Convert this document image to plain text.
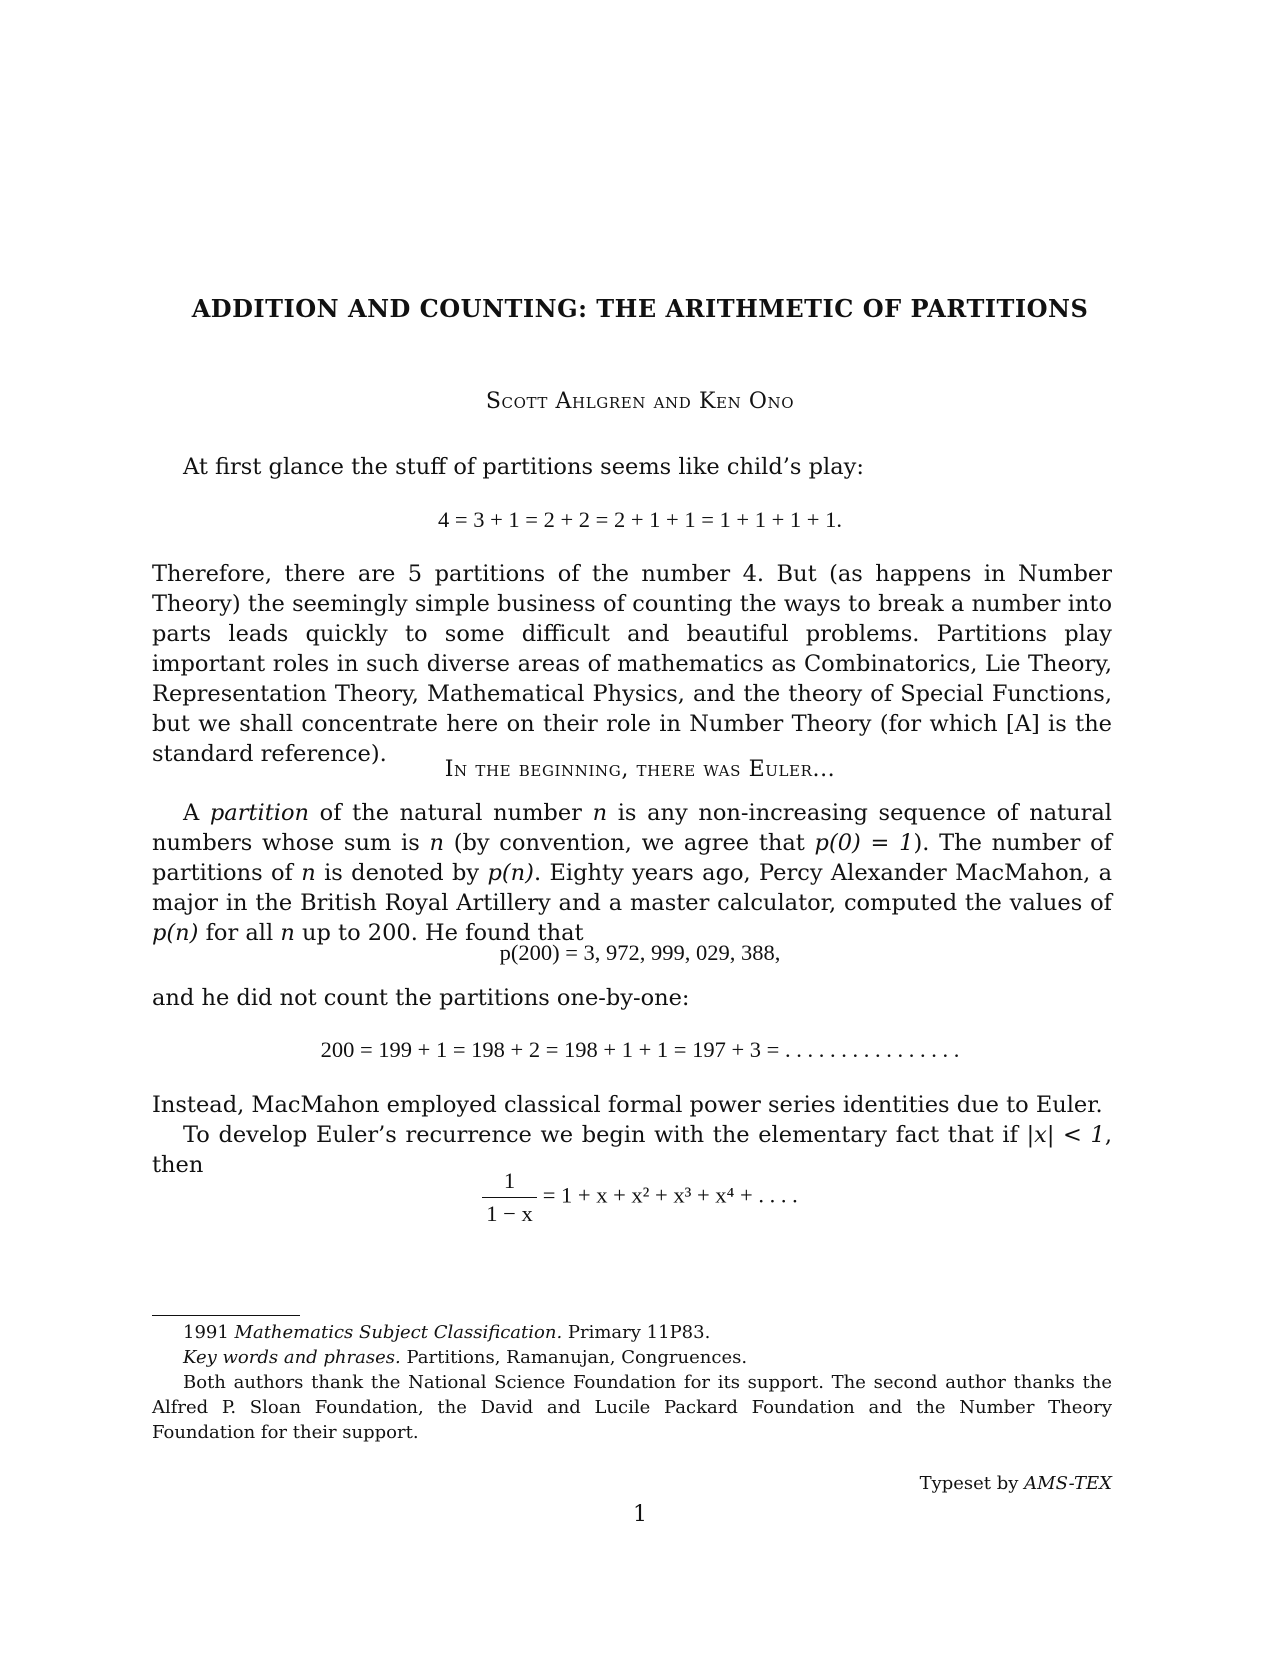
ADDITION AND COUNTING: THE ARITHMETIC OF PARTITIONS
Scott Ahlgren and Ken Ono

At first glance the stuff of partitions seems like child’s play:

4 = 3 + 1 = 2 + 2 = 2 + 1 + 1 = 1 + 1 + 1 + 1.

Therefore, there are 5 partitions of the number 4. But (as happens in Number Theory) the seemingly simple business of counting the ways to break a number into parts leads quickly to some difficult and beautiful problems. Partitions play important roles in such diverse areas of mathematics as Combinatorics, Lie Theory, Representation Theory, Mathematical Physics, and the theory of Special Functions, but we shall concentrate here on their role in Number Theory (for which [A] is the standard reference).

In the beginning, there was Euler...

A partition of the natural number n is any non-increasing sequence of natural numbers whose sum is n (by convention, we agree that p(0) = 1). The number of partitions of n is denoted by p(n). Eighty years ago, Percy Alexander MacMahon, a major in the British Royal Artillery and a master calculator, computed the values of p(n) for all n up to 200. He found that

p(200) = 3, 972, 999, 029, 388,

and he did not count the partitions one-by-one:

200 = 199 + 1 = 198 + 2 = 198 + 1 + 1 = 197 + 3 = . . . . . . . . . . . . . . . .

Instead, MacMahon employed classical formal power series identities due to Euler.

To develop Euler’s recurrence we begin with the elementary fact that if |x| < 1, then

$\frac{1}{1 - x} = 1 + x + x^2 + x^3 + x^4$ + . . . .

1991 Mathematics Subject Classification. Primary 11P83.

Key words and phrases. Partitions, Ramanujan, Congruences.

Both authors thank the National Science Foundation for its support. The second author thanks the Alfred P. Sloan Foundation, the David and Lucile Packard Foundation and the Number Theory Foundation for their support.

Typeset by AMS-TEX
1
